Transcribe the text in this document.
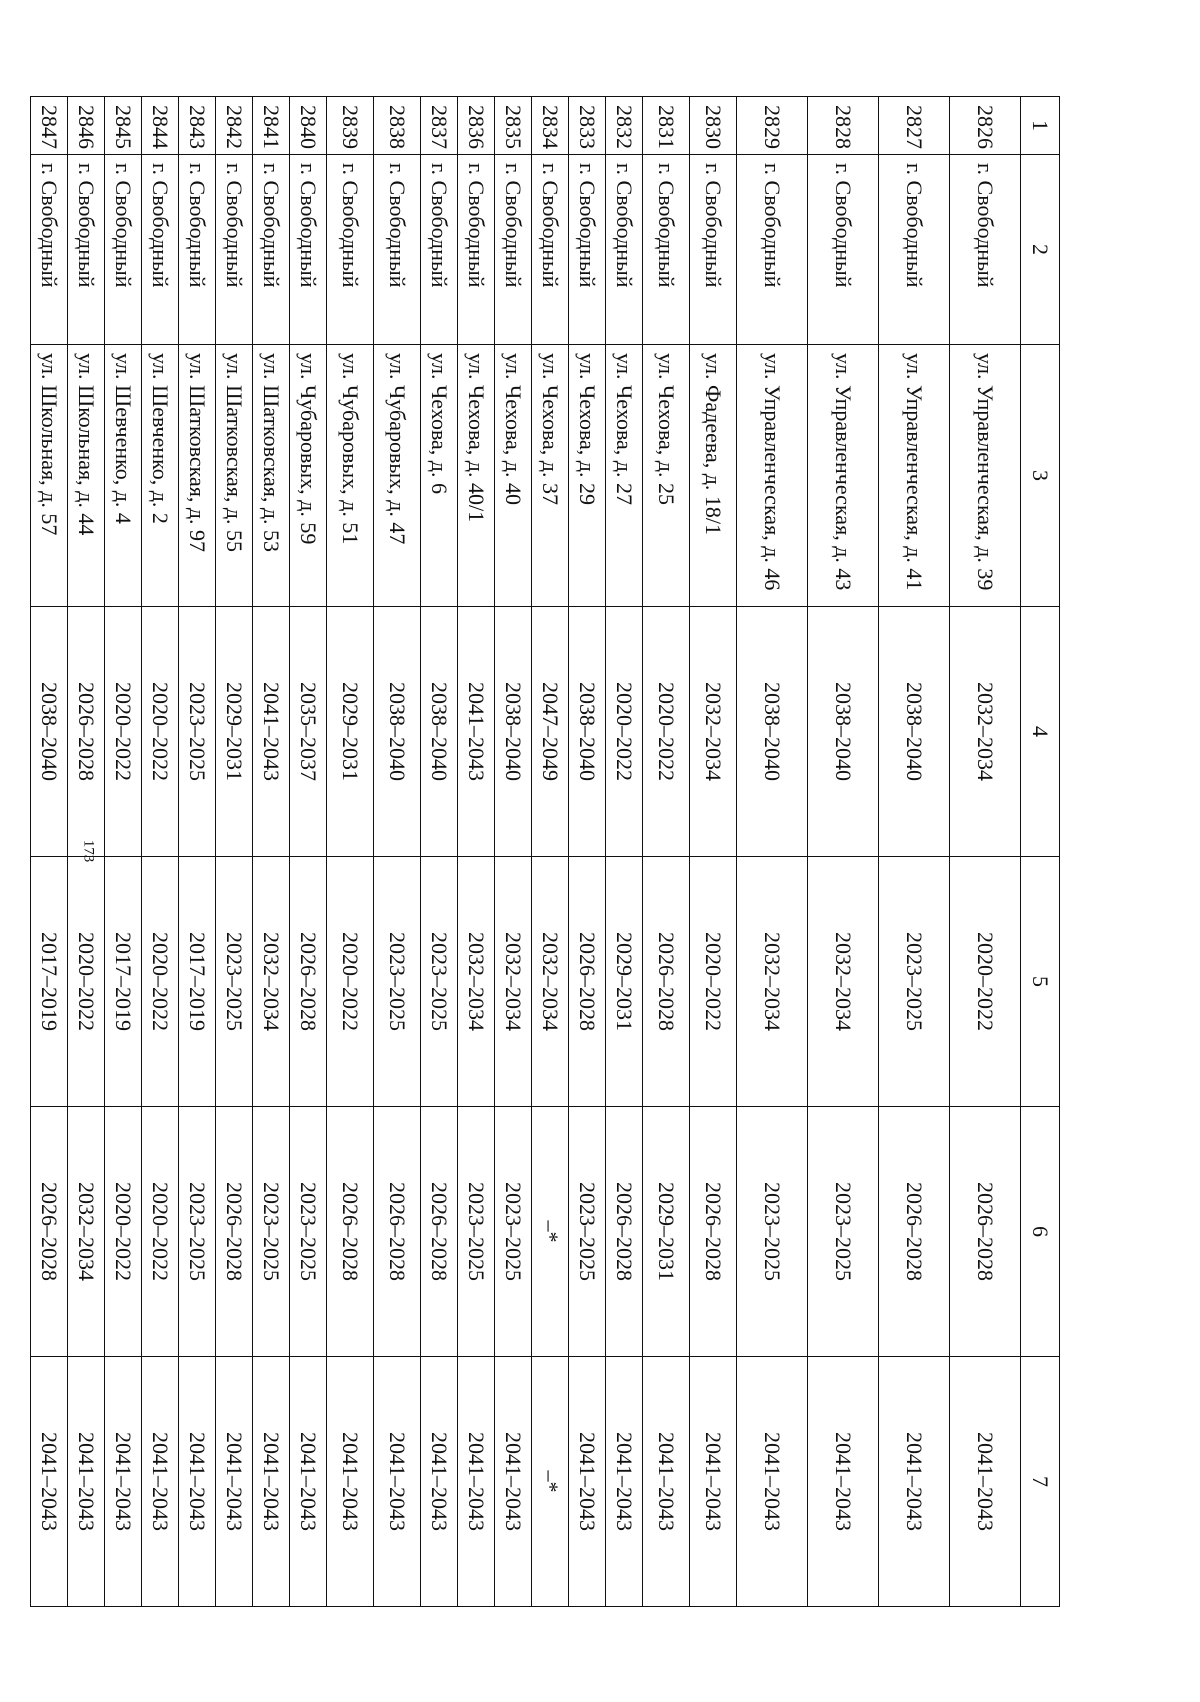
173
1	2	3	4	5	6	7
2826	г. Свободный	ул. Управленческая, д. 39	2032–2034	2020–2022	2026–2028	2041–2043
2827	г. Свободный	ул. Управленческая, д. 41	2038–2040	2023–2025	2026–2028	2041–2043
2828	г. Свободный	ул. Управленческая, д. 43	2038–2040	2032–2034	2023–2025	2041–2043
2829	г. Свободный	ул. Управленческая, д. 46	2038–2040	2032–2034	2023–2025	2041–2043
2830	г. Свободный	ул. Фадеева, д. 18/1	2032–2034	2020–2022	2026–2028	2041–2043
2831	г. Свободный	ул. Чехова, д. 25	2020–2022	2026–2028	2029–2031	2041–2043
2832	г. Свободный	ул. Чехова, д. 27	2020–2022	2029–2031	2026–2028	2041–2043
2833	г. Свободный	ул. Чехова, д. 29	2038–2040	2026–2028	2023–2025	2041–2043
2834	г. Свободный	ул. Чехова, д. 37	2047–2049	2032–2034	–*	–*
2835	г. Свободный	ул. Чехова, д. 40	2038–2040	2032–2034	2023–2025	2041–2043
2836	г. Свободный	ул. Чехова, д. 40/1	2041–2043	2032–2034	2023–2025	2041–2043
2837	г. Свободный	ул. Чехова, д. 6	2038–2040	2023–2025	2026–2028	2041–2043
2838	г. Свободный	ул. Чубаровых, д. 47	2038–2040	2023–2025	2026–2028	2041–2043
2839	г. Свободный	ул. Чубаровых, д. 51	2029–2031	2020–2022	2026–2028	2041–2043
2840	г. Свободный	ул. Чубаровых, д. 59	2035–2037	2026–2028	2023–2025	2041–2043
2841	г. Свободный	ул. Шатковская, д. 53	2041–2043	2032–2034	2023–2025	2041–2043
2842	г. Свободный	ул. Шатковская, д. 55	2029–2031	2023–2025	2026–2028	2041–2043
2843	г. Свободный	ул. Шатковская, д. 97	2023–2025	2017–2019	2023–2025	2041–2043
2844	г. Свободный	ул. Шевченко, д. 2	2020–2022	2020–2022	2020–2022	2041–2043
2845	г. Свободный	ул. Шевченко, д. 4	2020–2022	2017–2019	2020–2022	2041–2043
2846	г. Свободный	ул. Школьная, д. 44	2026–2028	2020–2022	2032–2034	2041–2043
2847	г. Свободный	ул. Школьная, д. 57	2038–2040	2017–2019	2026–2028	2041–2043
